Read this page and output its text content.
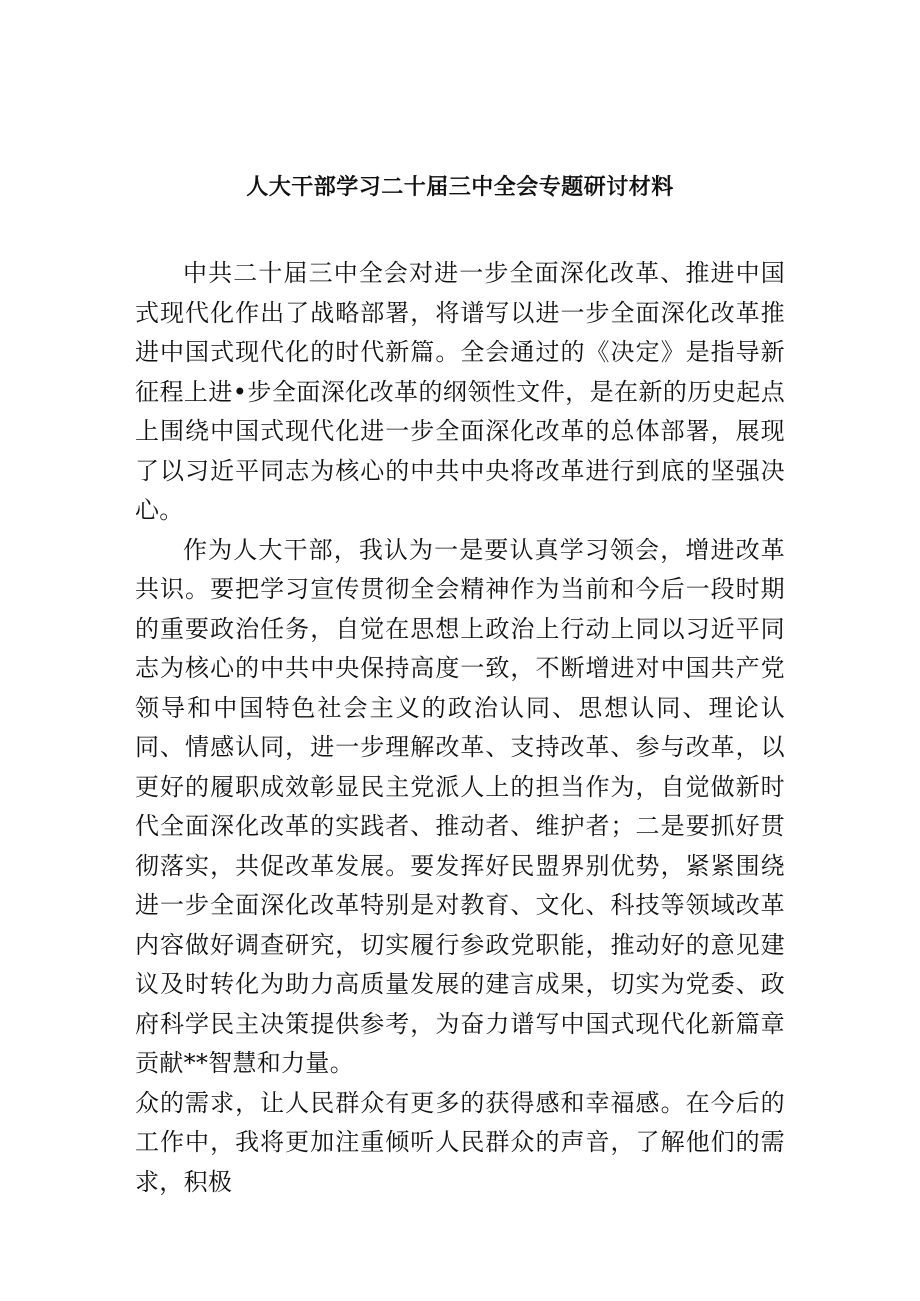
人大干部学习二十届三中全会专题研讨材料

中共二十届三中全会对进一步全面深化改革、推进中国式现代化作出了战略部署，将谱写以进一步全面深化改革推进中国式现代化的时代新篇。全会通过的《决定》是指导新征程上进•步全面深化改革的纲领性文件，是在新的历史起点上围绕中国式现代化进一步全面深化改革的总体部署，展现了以习近平同志为核心的中共中央将改革进行到底的坚强决心。

作为人大干部，我认为一是要认真学习领会，增进改革共识。要把学习宣传贯彻全会精神作为当前和今后一段时期的重要政治任务，自觉在思想上政治上行动上同以习近平同志为核心的中共中央保持高度一致，不断增进对中国共产党领导和中国特色社会主义的政治认同、思想认同、理论认同、情感认同，进一步理解改革、支持改革、参与改革，以更好的履职成效彰显民主党派人上的担当作为，自觉做新时代全面深化改革的实践者、推动者、维护者；二是要抓好贯彻落实，共促改革发展。要发挥好民盟界别优势，紧紧围绕进一步全面深化改革特别是对教育、文化、科技等领域改革内容做好调查研究，切实履行参政党职能，推动好的意见建议及时转化为助力高质量发展的建言成果，切实为党委、政府科学民主决策提供参考，为奋力谱写中国式现代化新篇章贡献**智慧和力量。

众的需求，让人民群众有更多的获得感和幸福感。在今后的工作中，我将更加注重倾听人民群众的声音，了解他们的需求，积极
